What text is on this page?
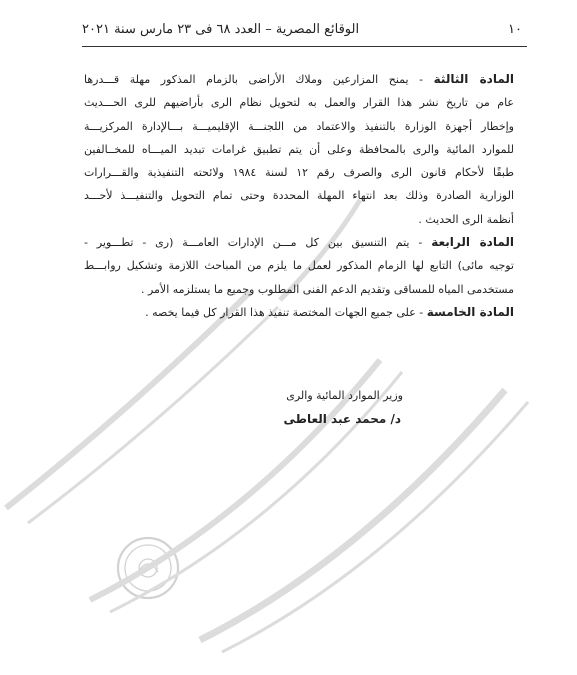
١٠
الوقائع المصرية – العدد ٦٨ فى ٢٣ مارس سنة ٢٠٢١
المادة الثالثة - يمنح المزارعين وملاك الأراضى بالزمام المذكور مهلة قـــدرها
عام من تاريخ نشر هذا القرار والعمل به لتحويل نظام الرى بأراضيهم للرى الحـــديث
وإخطار أجهزة الوزارة بالتنفيذ والاعتماد من اللجنـــة الإقليميـــة بـــالإدارة المركزيـــة
للموارد المائية والرى بالمحافظة وعلى أن يتم تطبيق غرامات تبديد الميـــاه للمخــالفين
طبقًا لأحكام قانون الرى والصرف رقم ١٢ لسنة ١٩٨٤ ولائحته التنفيذية والقـــرارات
الوزارية الصادرة وذلك بعد انتهاء المهلة المحددة وحتى تمام التحويل والتنفيـــذ لأحـــد
أنظمة الرى الحديث .
المادة الرابعة - يتم التنسيق بين كل مـــن الإدارات العامـــة (رى - تطـــوير -
توجيه مائى) التابع لها الزمام المذكور لعمل ما يلزم من المباحث اللازمة وتشكيل روابـــط
مستخدمى المياه للمساقى وتقديم الدعم الفنى المطلوب وجميع ما يستلزمه الأمر .
المادة الخامسة - على جميع الجهات المختصة تنفيذ هذا القرار كل فيما يخصه .
وزير الموارد المائية والرى
د/ محمد عبد العاطى
